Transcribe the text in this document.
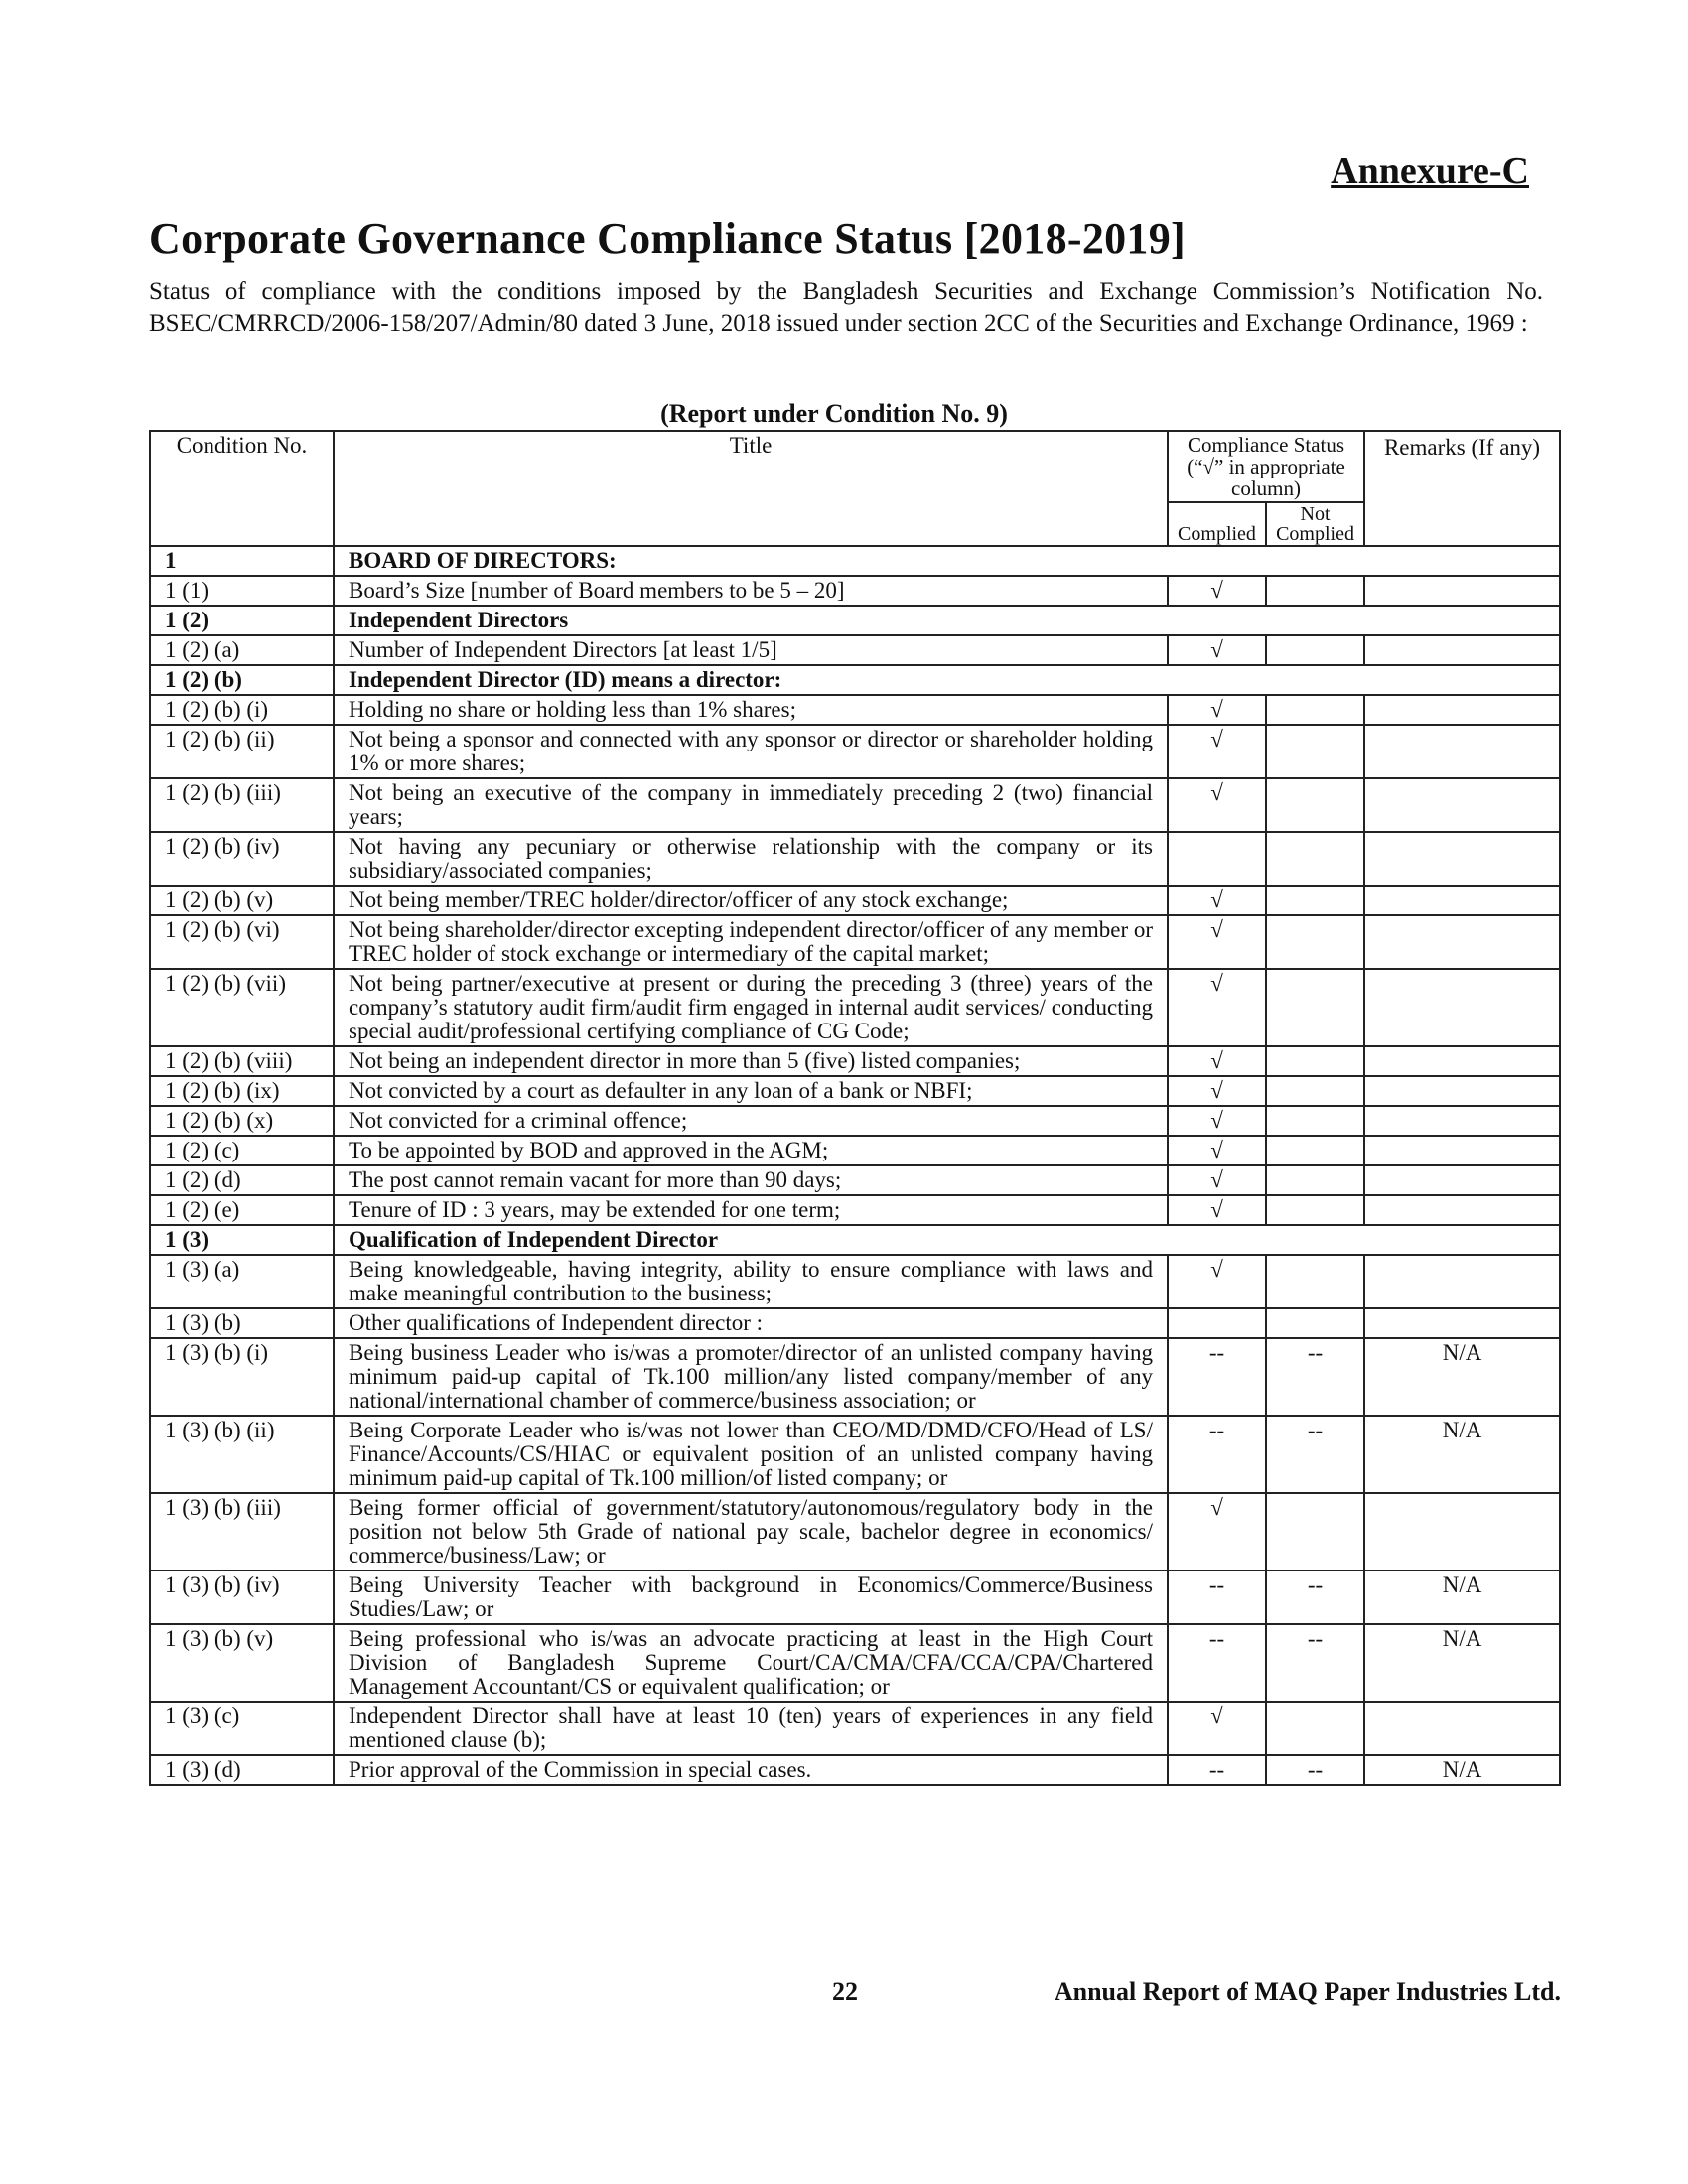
Annexure-C
Corporate Governance Compliance Status [2018-2019]

Status of compliance with the conditions imposed by the Bangladesh Securities and Exchange Commission’s Notification No. BSEC/CMRRCD/2006-158/207/Admin/80 dated 3 June, 2018 issued under section 2CC of the Securities and Exchange Ordinance, 1969 :

(Report under Condition No. 9)
Condition No.	Title	Compliance Status (“√” in appropriate column)		Remarks (If any)
		Complied	Not Complied	
1	BOARD OF DIRECTORS:			
1 (1)	Board’s Size [number of Board members to be 5 – 20]	√		
1 (2)	Independent Directors			
1 (2) (a)	Number of Independent Directors [at least 1/5]	√		
1 (2) (b)	Independent Director (ID) means a director:			
1 (2) (b) (i)	Holding no share or holding less than 1% shares;	√		
1 (2) (b) (ii)	Not being a sponsor and connected with any sponsor or director or shareholder holding 1% or more shares;	√		
1 (2) (b) (iii)	Not being an executive of the company in immediately preceding 2 (two) financial years;	√		
1 (2) (b) (iv)	Not having any pecuniary or otherwise relationship with the company or its subsidiary/associated companies;			
1 (2) (b) (v)	Not being member/TREC holder/director/officer of any stock exchange;	√		
1 (2) (b) (vi)	Not being shareholder/director excepting independent director/officer of any member or TREC holder of stock exchange or intermediary of the capital market;	√		
1 (2) (b) (vii)	Not being partner/executive at present or during the preceding 3 (three) years of the company’s statutory audit firm/audit firm engaged in internal audit services/ conducting special audit/professional certifying compliance of CG Code;	√		
1 (2) (b) (viii)	Not being an independent director in more than 5 (five) listed companies;	√		
1 (2) (b) (ix)	Not convicted by a court as defaulter in any loan of a bank or NBFI;	√		
1 (2) (b) (x)	Not convicted for a criminal offence;	√		
1 (2) (c)	To be appointed by BOD and approved in the AGM;	√		
1 (2) (d)	The post cannot remain vacant for more than 90 days;	√		
1 (2) (e)	Tenure of ID : 3 years, may be extended for one term;	√		
1 (3)	Qualification of Independent Director			
1 (3) (a)	Being knowledgeable, having integrity, ability to ensure compliance with laws and make meaningful contribution to the business;	√		
1 (3) (b)	Other qualifications of Independent director :			
1 (3) (b) (i)	Being business Leader who is/was a promoter/director of an unlisted company having minimum paid-up capital of Tk.100 million/any listed company/member of any national/international chamber of commerce/business association; or	--	--	N/A
1 (3) (b) (ii)	Being Corporate Leader who is/was not lower than CEO/MD/DMD/CFO/Head of LS/ Finance/Accounts/CS/HIAC or equivalent position of an unlisted company having minimum paid-up capital of Tk.100 million/of listed company; or	--	--	N/A
1 (3) (b) (iii)	Being former official of government/statutory/autonomous/regulatory body in the position not below 5th Grade of national pay scale, bachelor degree in economics/ commerce/business/Law; or	√		
1 (3) (b) (iv)	Being University Teacher with background in Economics/Commerce/Business Studies/Law; or	--	--	N/A
1 (3) (b) (v)	Being professional who is/was an advocate practicing at least in the High Court Division of Bangladesh Supreme Court/CA/CMA/CFA/CCA/CPA/Chartered Management Accountant/CS or equivalent qualification; or	--	--	N/A
1 (3) (c)	Independent Director shall have at least 10 (ten) years of experiences in any field mentioned clause (b);	√		
1 (3) (d)	Prior approval of the Commission in special cases.	--	--	N/A
22	Annual Report of MAQ Paper Industries Ltd.
